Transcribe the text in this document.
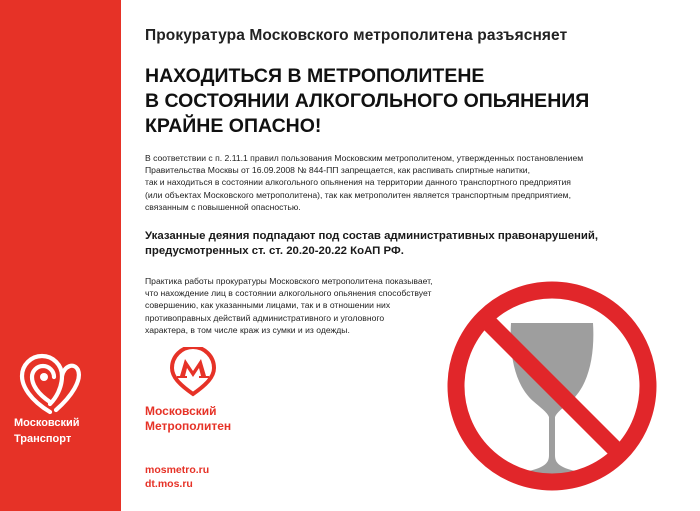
Московский
Транспорт
Прокуратура Московского метрополитена разъясняет
НАХОДИТЬСЯ В МЕТРОПОЛИТЕНЕ
В СОСТОЯНИИ АЛКОГОЛЬНОГО ОПЬЯНЕНИЯ
КРАЙНЕ ОПАСНО!
В соответствии с п. 2.11.1 правил пользования Московским метрополитеном, утвержденных постановлением
Правительства Москвы от 16.09.2008 № 844-ПП запрещается, как распивать спиртные напитки,
так и находиться в состоянии алкогольного опьянения на территории данного транспортного предприятия
(или объектах Московского метрополитена), так как метрополитен является транспортным предприятием,
связанным с повышенной опасностью.
Указанные деяния подпадают под состав административных правонарушений,
предусмотренных ст. ст. 20.20-20.22 КоАП РФ.
Практика работы прокуратуры Московского метрополитена показывает,
что нахождение лиц в состоянии алкогольного опьянения способствует
совершению, как указанными лицами, так и в отношении них
противоправных действий административного и уголовного
характера, в том числе краж из сумки и из одежды.
Московский
Метрополитен
mosmetro.ru
dt.mos.ru
